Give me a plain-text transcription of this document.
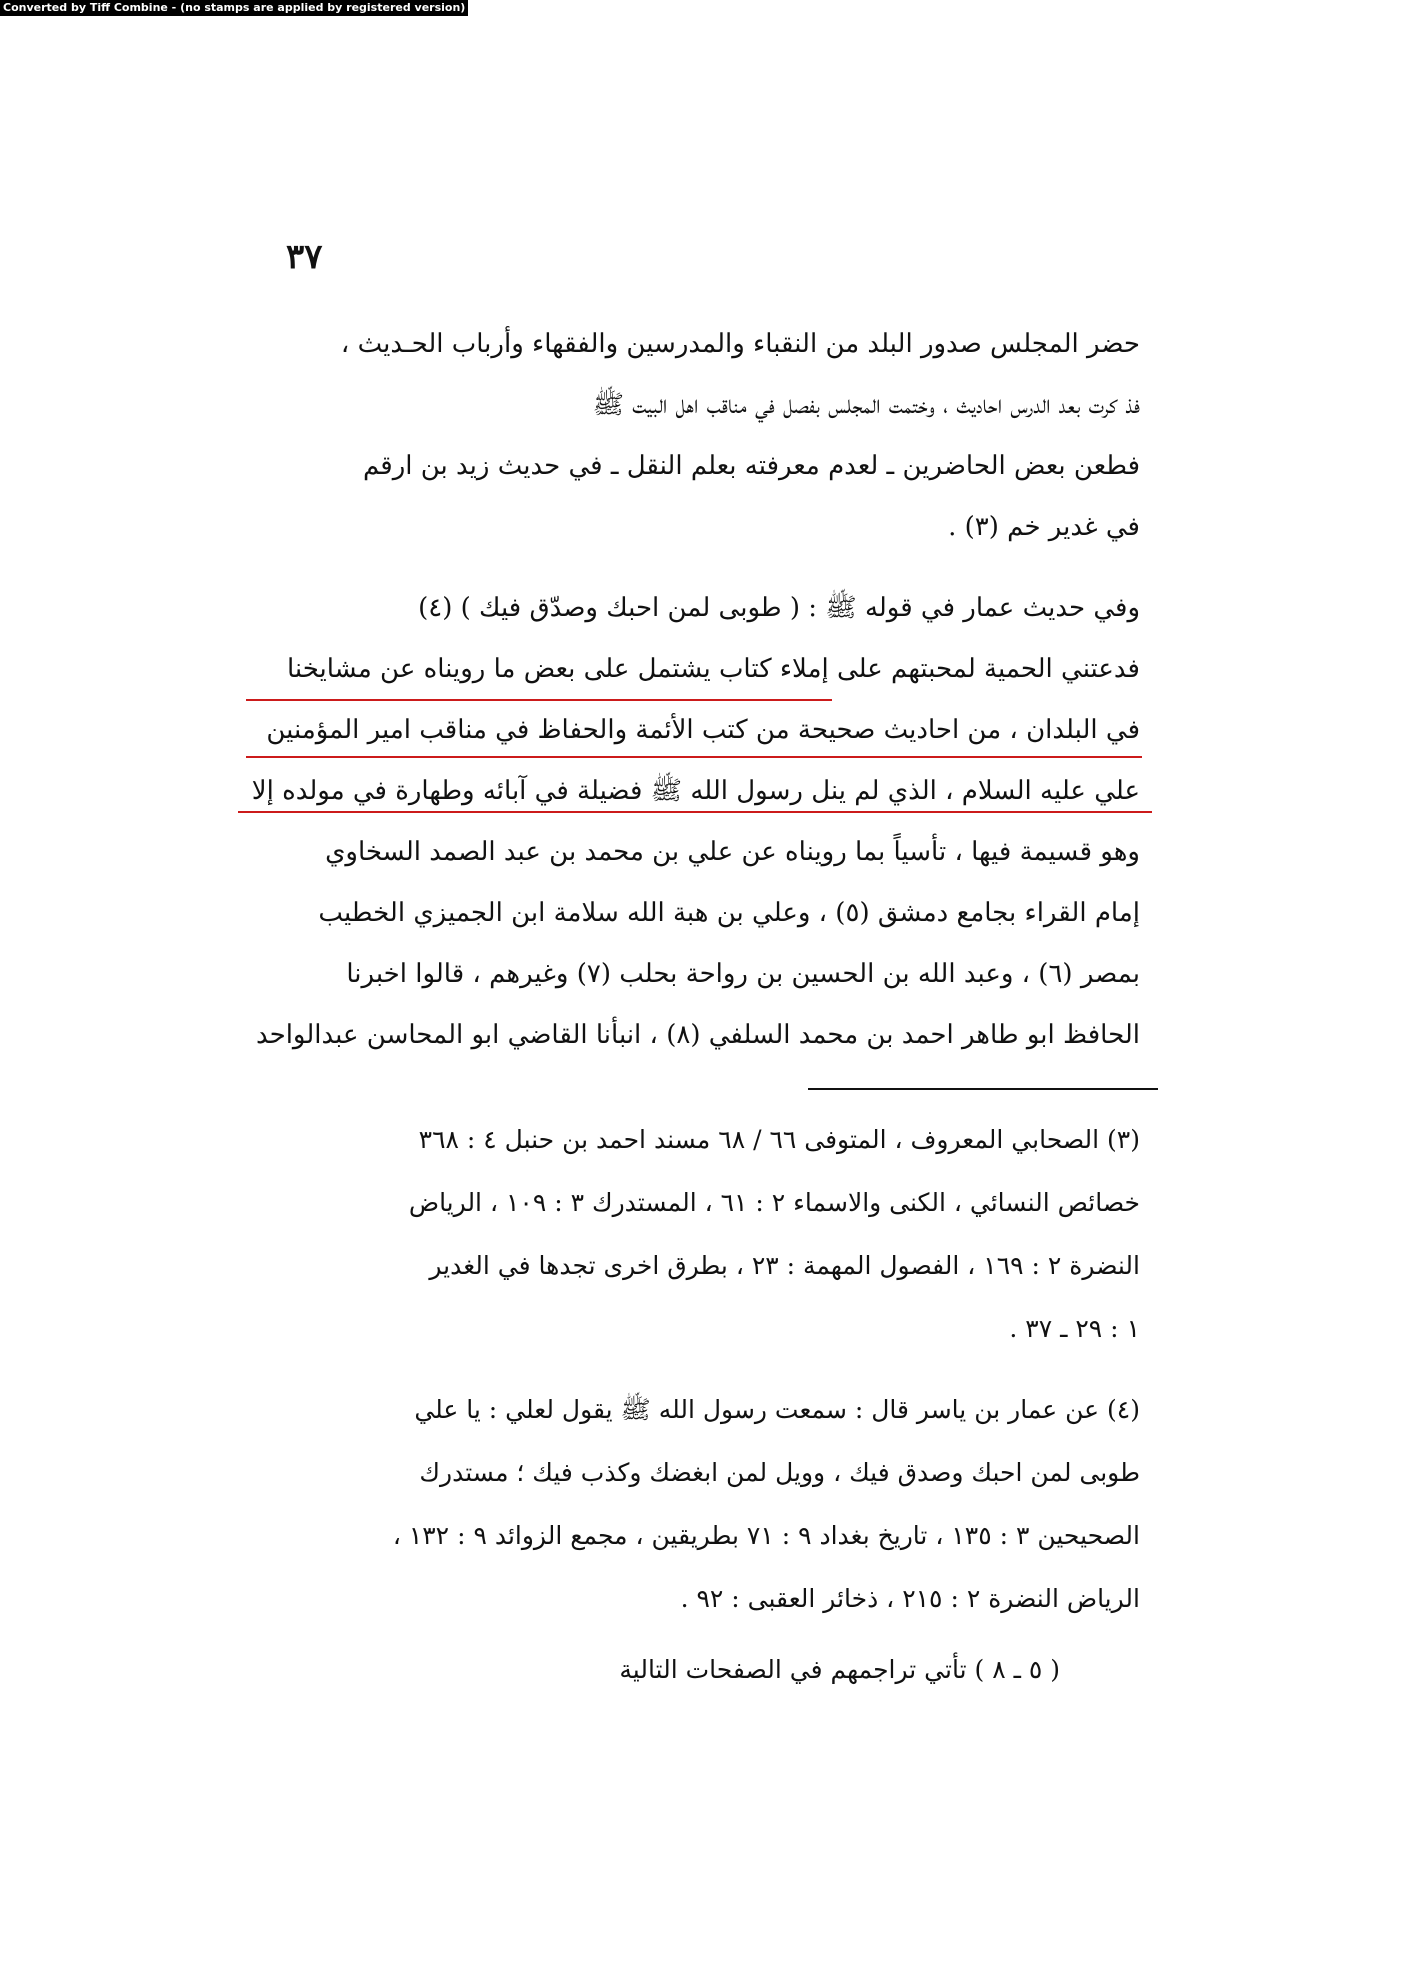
Converted by Tiff Combine - (no stamps are applied by registered version)
٣٧
حضر المجلس صدور البلد من النقباء والمدرسين والفقهاء وأرباب الحـديث ،
فذ كرت بعد الدرس احاديث ، وختمت المجلس بفصل في مناقب اهل البيت ﷺ
فطعن بعض الحاضرين ـ لعدم معرفته بعلم النقل ـ في حديث زيد بن ارقم
في غدير خم (٣) .
وفي حديث عمار في قوله ﷺ : ( طوبى لمن احبك وصدّق فيك ) (٤)
فدعتني الحمية لمحبتهم على إملاء كتاب يشتمل على بعض ما رويناه عن مشايخنا
في البلدان ، من احاديث صحيحة من كتب الأئمة والحفاظ في مناقب امير المؤمنين
علي عليه السلام ، الذي لم ينل رسول الله ﷺ فضيلة في آبائه وطهارة في مولده إلا
وهو قسيمة فيها ، تأسياً بما رويناه عن علي بن محمد بن عبد الصمد السخاوي
إمام القراء بجامع دمشق (٥) ، وعلي بن هبة الله سلامة ابن الجميزي الخطيب
بمصر (٦) ، وعبد الله بن الحسين بن رواحة بحلب (٧) وغيرهم ، قالوا اخبرنا
الحافظ ابو طاهر احمد بن محمد السلفي (٨) ، انبأنا القاضي ابو المحاسن عبدالواحد
(٣) الصحابي المعروف ، المتوفى ٦٦ / ٦٨ مسند احمد بن حنبل ٤ : ٣٦٨
خصائص النسائي ، الكنى والاسماء ٢ : ٦١ ، المستدرك ٣ : ١٠٩ ، الرياض
النضرة ٢ : ١٦٩ ، الفصول المهمة : ٢٣ ، بطرق اخرى تجدها في الغدير
١ : ٢٩ ـ ٣٧ .
(٤) عن عمار بن ياسر قال : سمعت رسول الله ﷺ يقول لعلي : يا علي
طوبى لمن احبك وصدق فيك ، وويل لمن ابغضك وكذب فيك ؛ مستدرك
الصحيحين ٣ : ١٣٥ ، تاريخ بغداد ٩ : ٧١ بطريقين ، مجمع الزوائد ٩ : ١٣٢ ،
الرياض النضرة ٢ : ٢١٥ ، ذخائر العقبى : ٩٢ .
( ٥ ـ ٨ ) تأتي تراجمهم في الصفحات التالية
